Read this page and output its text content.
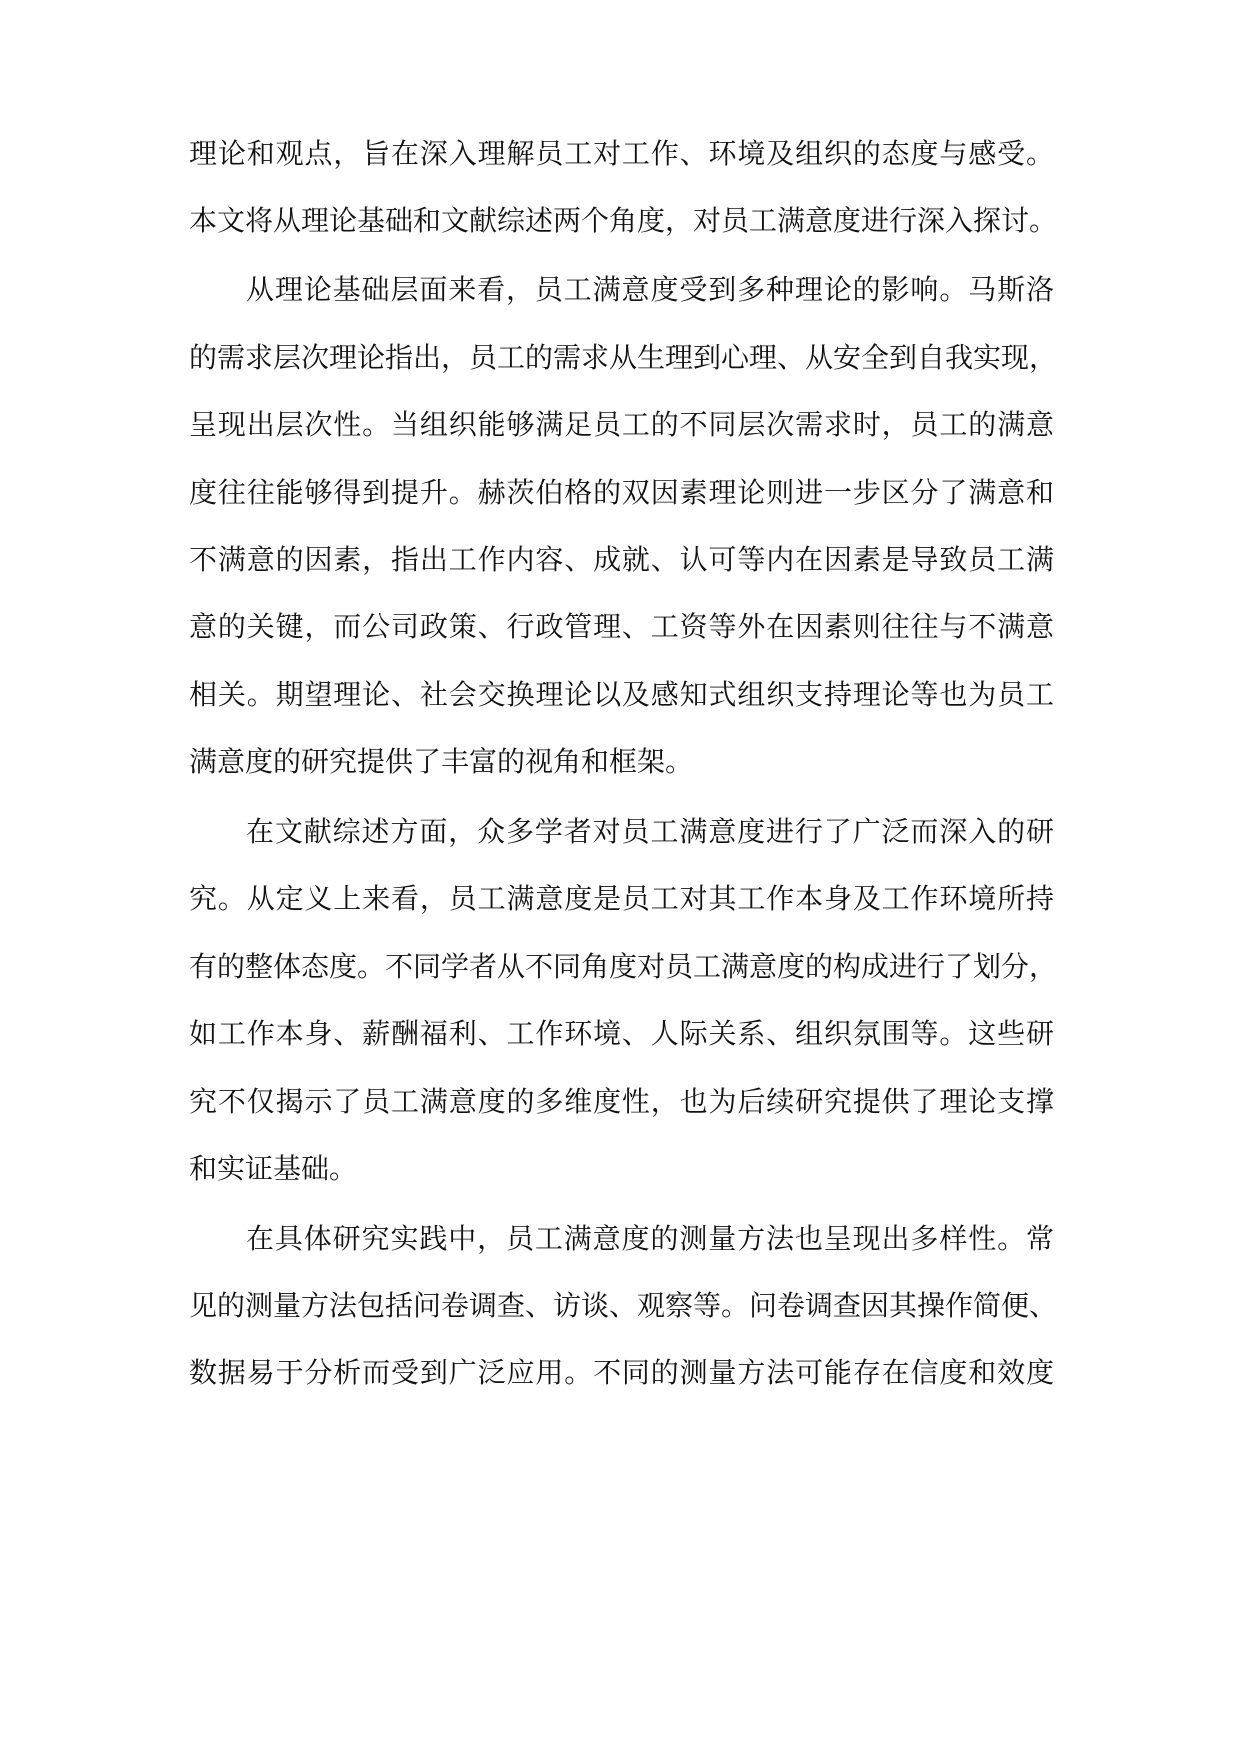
理论和观点，旨在深入理解员工对工作、环境及组织的态度与感受。
本文将从理论基础和文献综述两个角度，对员工满意度进行深入探讨。
从理论基础层面来看，员工满意度受到多种理论的影响。马斯洛
的需求层次理论指出，员工的需求从生理到心理、从安全到自我实现，
呈现出层次性。当组织能够满足员工的不同层次需求时，员工的满意
度往往能够得到提升。赫茨伯格的双因素理论则进一步区分了满意和
不满意的因素，指出工作内容、成就、认可等内在因素是导致员工满
意的关键，而公司政策、行政管理、工资等外在因素则往往与不满意
相关。期望理论、社会交换理论以及感知式组织支持理论等也为员工
满意度的研究提供了丰富的视角和框架。
在文献综述方面，众多学者对员工满意度进行了广泛而深入的研
究。从定义上来看，员工满意度是员工对其工作本身及工作环境所持
有的整体态度。不同学者从不同角度对员工满意度的构成进行了划分，
如工作本身、薪酬福利、工作环境、人际关系、组织氛围等。这些研
究不仅揭示了员工满意度的多维度性，也为后续研究提供了理论支撑
和实证基础。
在具体研究实践中，员工满意度的测量方法也呈现出多样性。常
见的测量方法包括问卷调查、访谈、观察等。问卷调查因其操作简便、
数据易于分析而受到广泛应用。不同的测量方法可能存在信度和效度
